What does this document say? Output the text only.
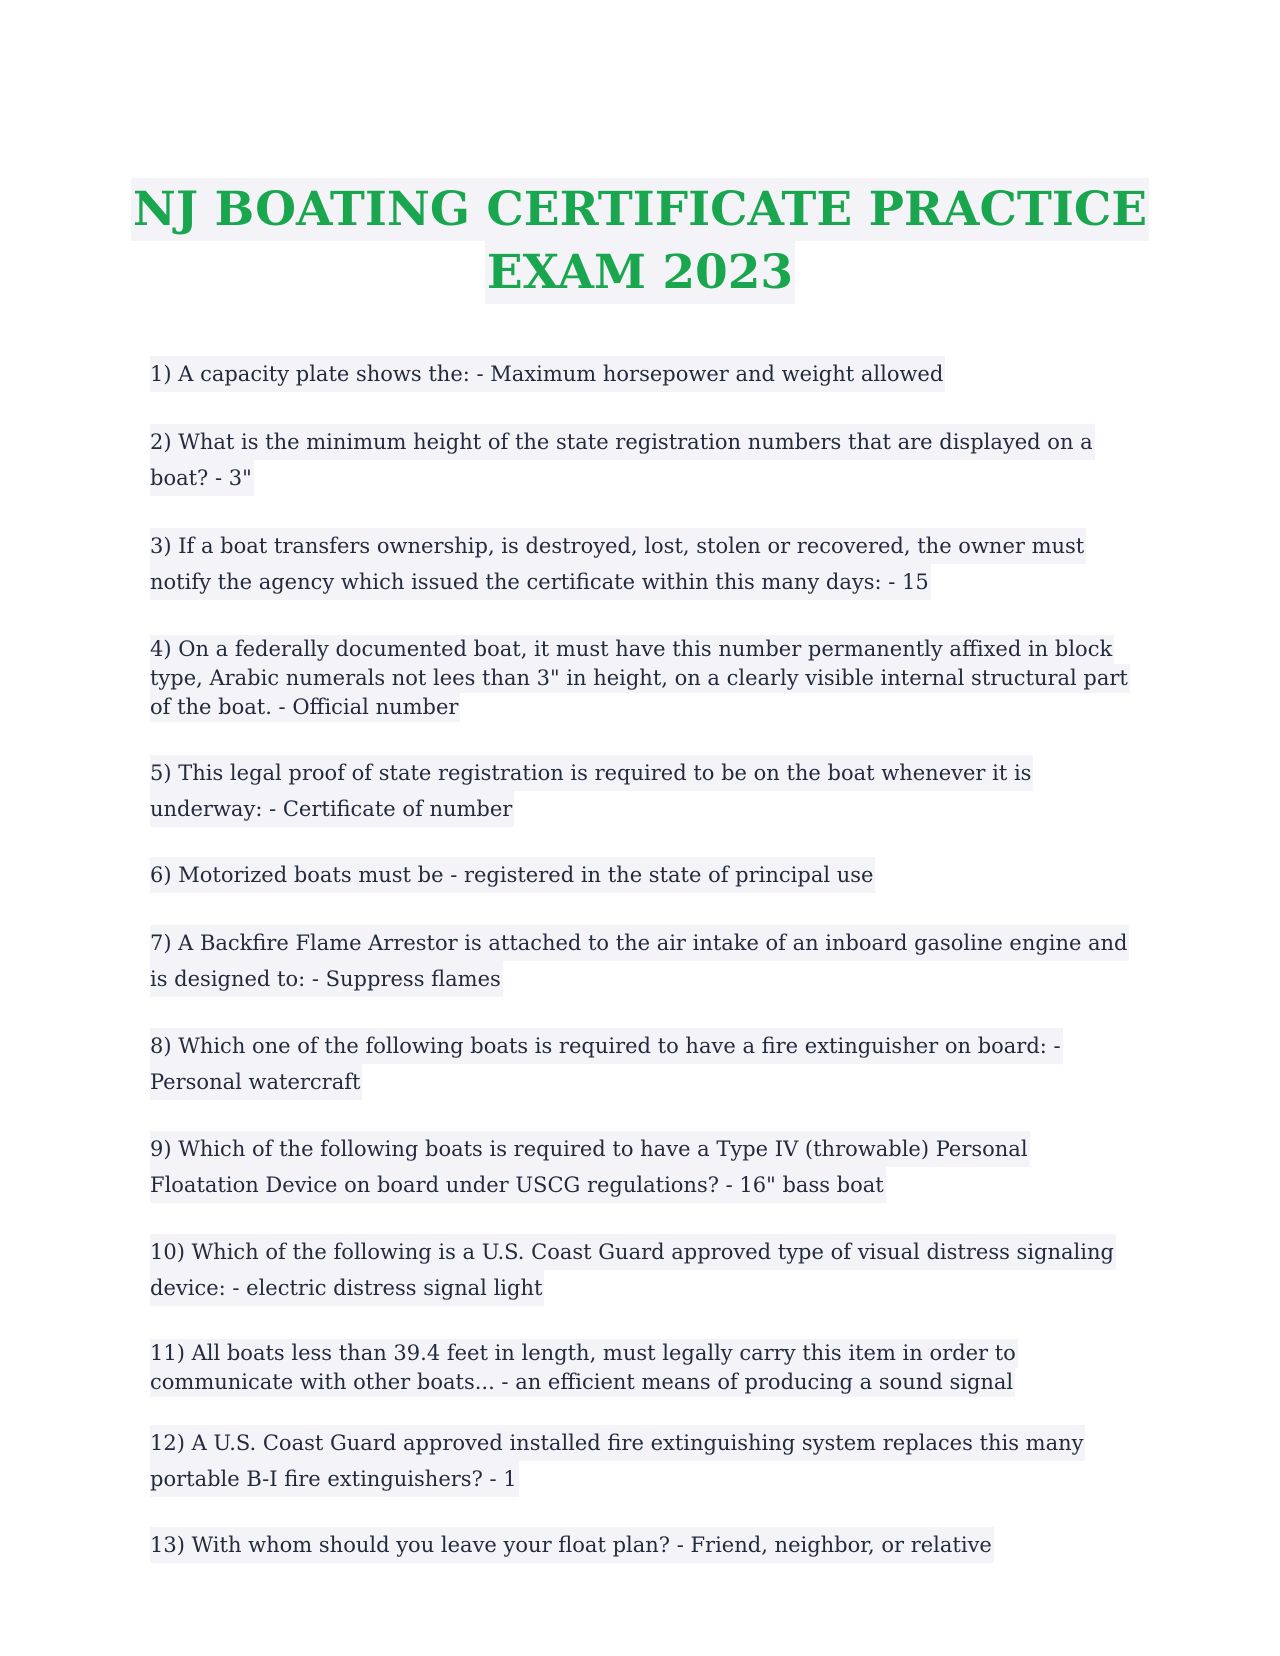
NJ BOATING CERTIFICATE PRACTICE
EXAM 2023

1) A capacity plate shows the: - Maximum horsepower and weight allowed

2) What is the minimum height of the state registration numbers that are displayed on a
boat? - 3"

3) If a boat transfers ownership, is destroyed, lost, stolen or recovered, the owner must
notify the agency which issued the certificate within this many days: - 15

4) On a federally documented boat, it must have this number permanently affixed in block
type, Arabic numerals not lees than 3" in height, on a clearly visible internal structural part
of the boat. - Official number

5) This legal proof of state registration is required to be on the boat whenever it is
underway: - Certificate of number

6) Motorized boats must be - registered in the state of principal use

7) A Backfire Flame Arrestor is attached to the air intake of an inboard gasoline engine and
is designed to: - Suppress flames

8) Which one of the following boats is required to have a fire extinguisher on board: -
Personal watercraft

9) Which of the following boats is required to have a Type IV (throwable) Personal
Floatation Device on board under USCG regulations? - 16" bass boat

10) Which of the following is a U.S. Coast Guard approved type of visual distress signaling
device: - electric distress signal light

11) All boats less than 39.4 feet in length, must legally carry this item in order to
communicate with other boats... - an efficient means of producing a sound signal

12) A U.S. Coast Guard approved installed fire extinguishing system replaces this many
portable B-I fire extinguishers? - 1

13) With whom should you leave your float plan? - Friend, neighbor, or relative
